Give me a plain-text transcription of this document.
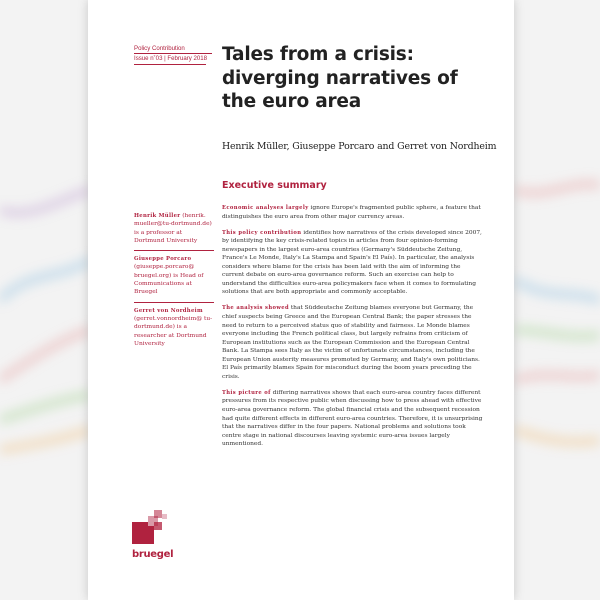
Policy Contribution
Issue n˚03 | February 2018 Tales from a crisis: diverging narratives of the euro area
Henrik Müller, Giuseppe Porcaro and Gerret von Nordheim
Executive summary
Henrik Müller (henrik. mueller@tu-dortmund.de) is a professor at Dortmund University
Giuseppe Porcaro (giuseppe.porcaro@ bruegel.org) is Head of Communications at Bruegel
Gerret von Nordheim (gerret.vonnordheim@ tu-dortmund.de) is a researcher at Dortmund University

Economic analyses largely ignore Europe's fragmented public sphere, a feature that distinguishes the euro area from other major currency areas.

This policy contribution identifies how narratives of the crisis developed since 2007, by identifying the key crisis-related topics in articles from four opinion-forming newspapers in the largest euro-area countries (Germany's Süddeutsche Zeitung, France's Le Monde, Italy's La Stampa and Spain's El País). In particular, the analysis considers where blame for the crisis has been laid with the aim of informing the current debate on euro-area governance reform. Such an exercise can help to understand the difficulties euro-area policymakers face when it comes to formulating solutions that are both appropriate and commonly acceptable.

The analysis showed that Süddeutsche Zeitung blames everyone but Germany, the chief suspects being Greece and the European Central Bank; the paper stresses the need to return to a perceived status quo of stability and fairness. Le Monde blames everyone including the French political class, but largely refrains from criticism of European institutions such as the European Commission and the European Central Bank. La Stampa sees Italy as the victim of unfortunate circumstances, including the European Union austerity measures promoted by Germany, and Italy's own politicians. El País primarily blames Spain for misconduct during the boom years preceding the crisis.

This picture of differing narratives shows that each euro-area country faces different pressures from its respective public when discussing how to press ahead with effective euro-area governance reform. The global financial crisis and the subsequent recession had quite different effects in different euro-area countries. Therefore, it is unsurprising that the narratives differ in the four papers. National problems and solutions took centre stage in national discourses leaving systemic euro-area issues largely unmentioned.

bruegel
